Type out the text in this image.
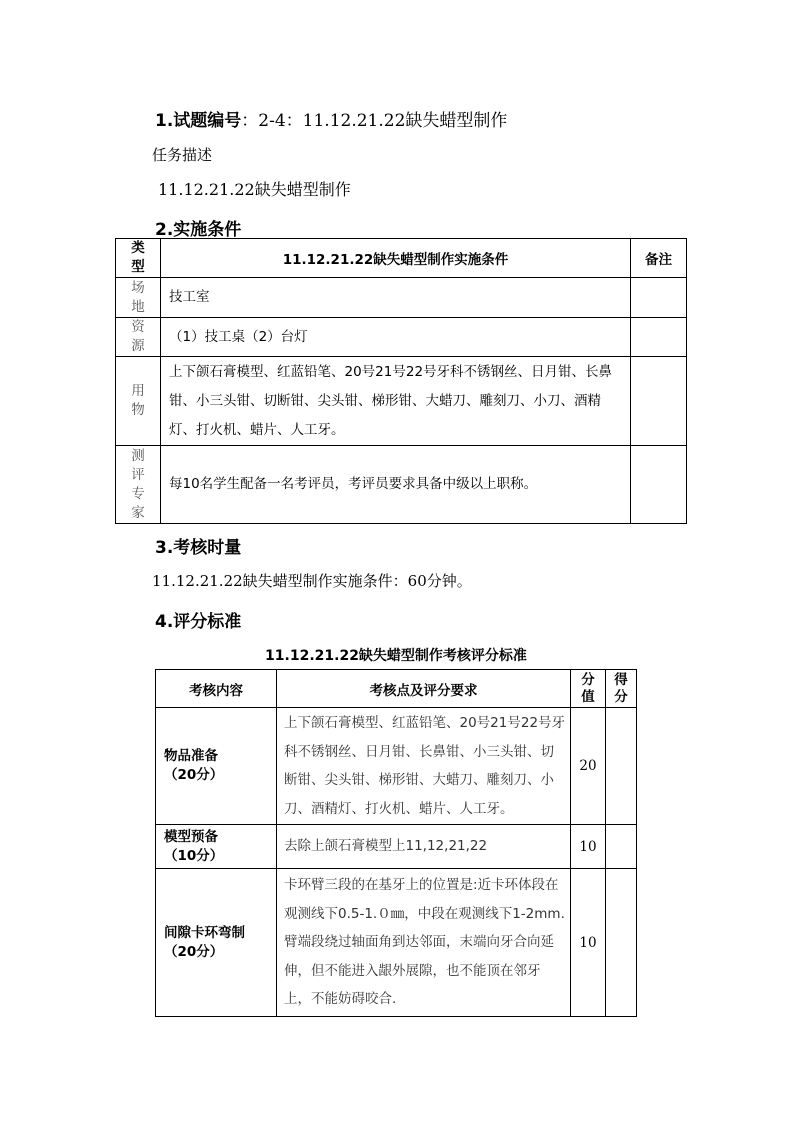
1.试题编号：2-4：11.12.21.22缺失蜡型制作
任务描述
11.12.21.22缺失蜡型制作
2.实施条件
类型	11.12.21.22缺失蜡型制作实施条件	备注
场地	技工室	
资源	（1）技工桌（2）台灯	
用物	上下颌石膏模型、红蓝铅笔、20号21号22号牙科不锈钢丝、日月钳、长鼻钳、小三头钳、切断钳、尖头钳、梯形钳、大蜡刀、雕刻刀、小刀、酒精灯、打火机、蜡片、人工牙。	
测评专家	每10名学生配备一名考评员，考评员要求具备中级以上职称。	
3.考核时量
11.12.21.22缺失蜡型制作实施条件：60分钟。
4.评分标准
11.12.21.22缺失蜡型制作考核评分标准
考核内容	考核点及评分要求	分值	得分

物品准备
（20分）	上下颌石膏模型、红蓝铅笔、20号21号22号牙科不锈钢丝、日月钳、长鼻钳、小三头钳、切断钳、尖头钳、梯形钳、大蜡刀、雕刻刀、小刀、酒精灯、打火机、蜡片、人工牙。	20	

模型预备
（10分）	去除上颌石膏模型上11,12,21,22	10	

间隙卡环弯制
（20分）	卡环臂三段的在基牙上的位置是:近卡环体段在观测线下0.5-1.０㎜，中段在观测线下1-2mm.臂端段绕过轴面角到达邻面，末端向牙合向延伸，但不能进入龈外展隙，也不能顶在邻牙上，不能妨碍咬合.	10	
